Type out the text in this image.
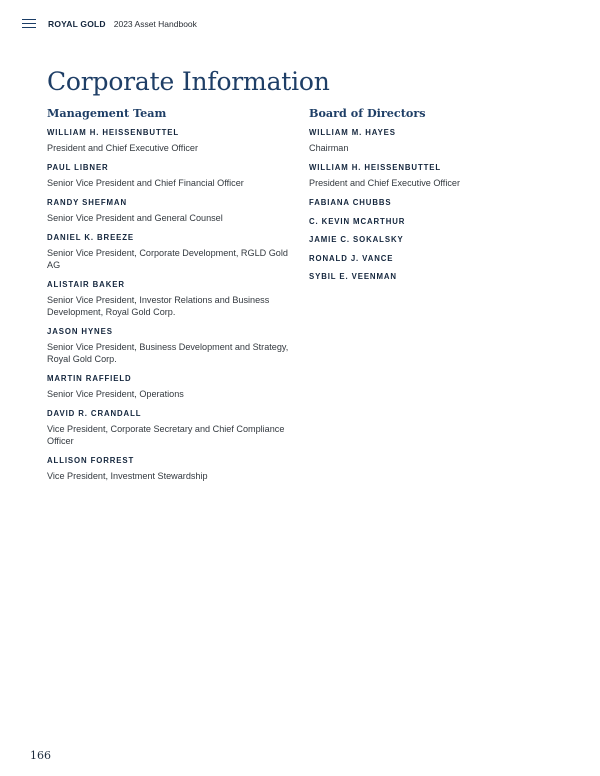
ROYAL GOLD 2023 Asset Handbook
Corporate Information
Management Team
WILLIAM H. HEISSENBUTTEL
President and Chief Executive Officer
PAUL LIBNER
Senior Vice President and Chief Financial Officer
RANDY SHEFMAN
Senior Vice President and General Counsel
DANIEL K. BREEZE
Senior Vice President, Corporate Development, RGLD Gold AG
ALISTAIR BAKER
Senior Vice President, Investor Relations and Business Development, Royal Gold Corp.
JASON HYNES
Senior Vice President, Business Development and Strategy, Royal Gold Corp.
MARTIN RAFFIELD
Senior Vice President, Operations
DAVID R. CRANDALL
Vice President, Corporate Secretary and Chief Compliance Officer
ALLISON FORREST
Vice President, Investment Stewardship
Board of Directors
WILLIAM M. HAYES
Chairman
WILLIAM H. HEISSENBUTTEL
President and Chief Executive Officer
FABIANA CHUBBS
C. KEVIN MCARTHUR
JAMIE C. SOKALSKY
RONALD J. VANCE
SYBIL E. VEENMAN
166
